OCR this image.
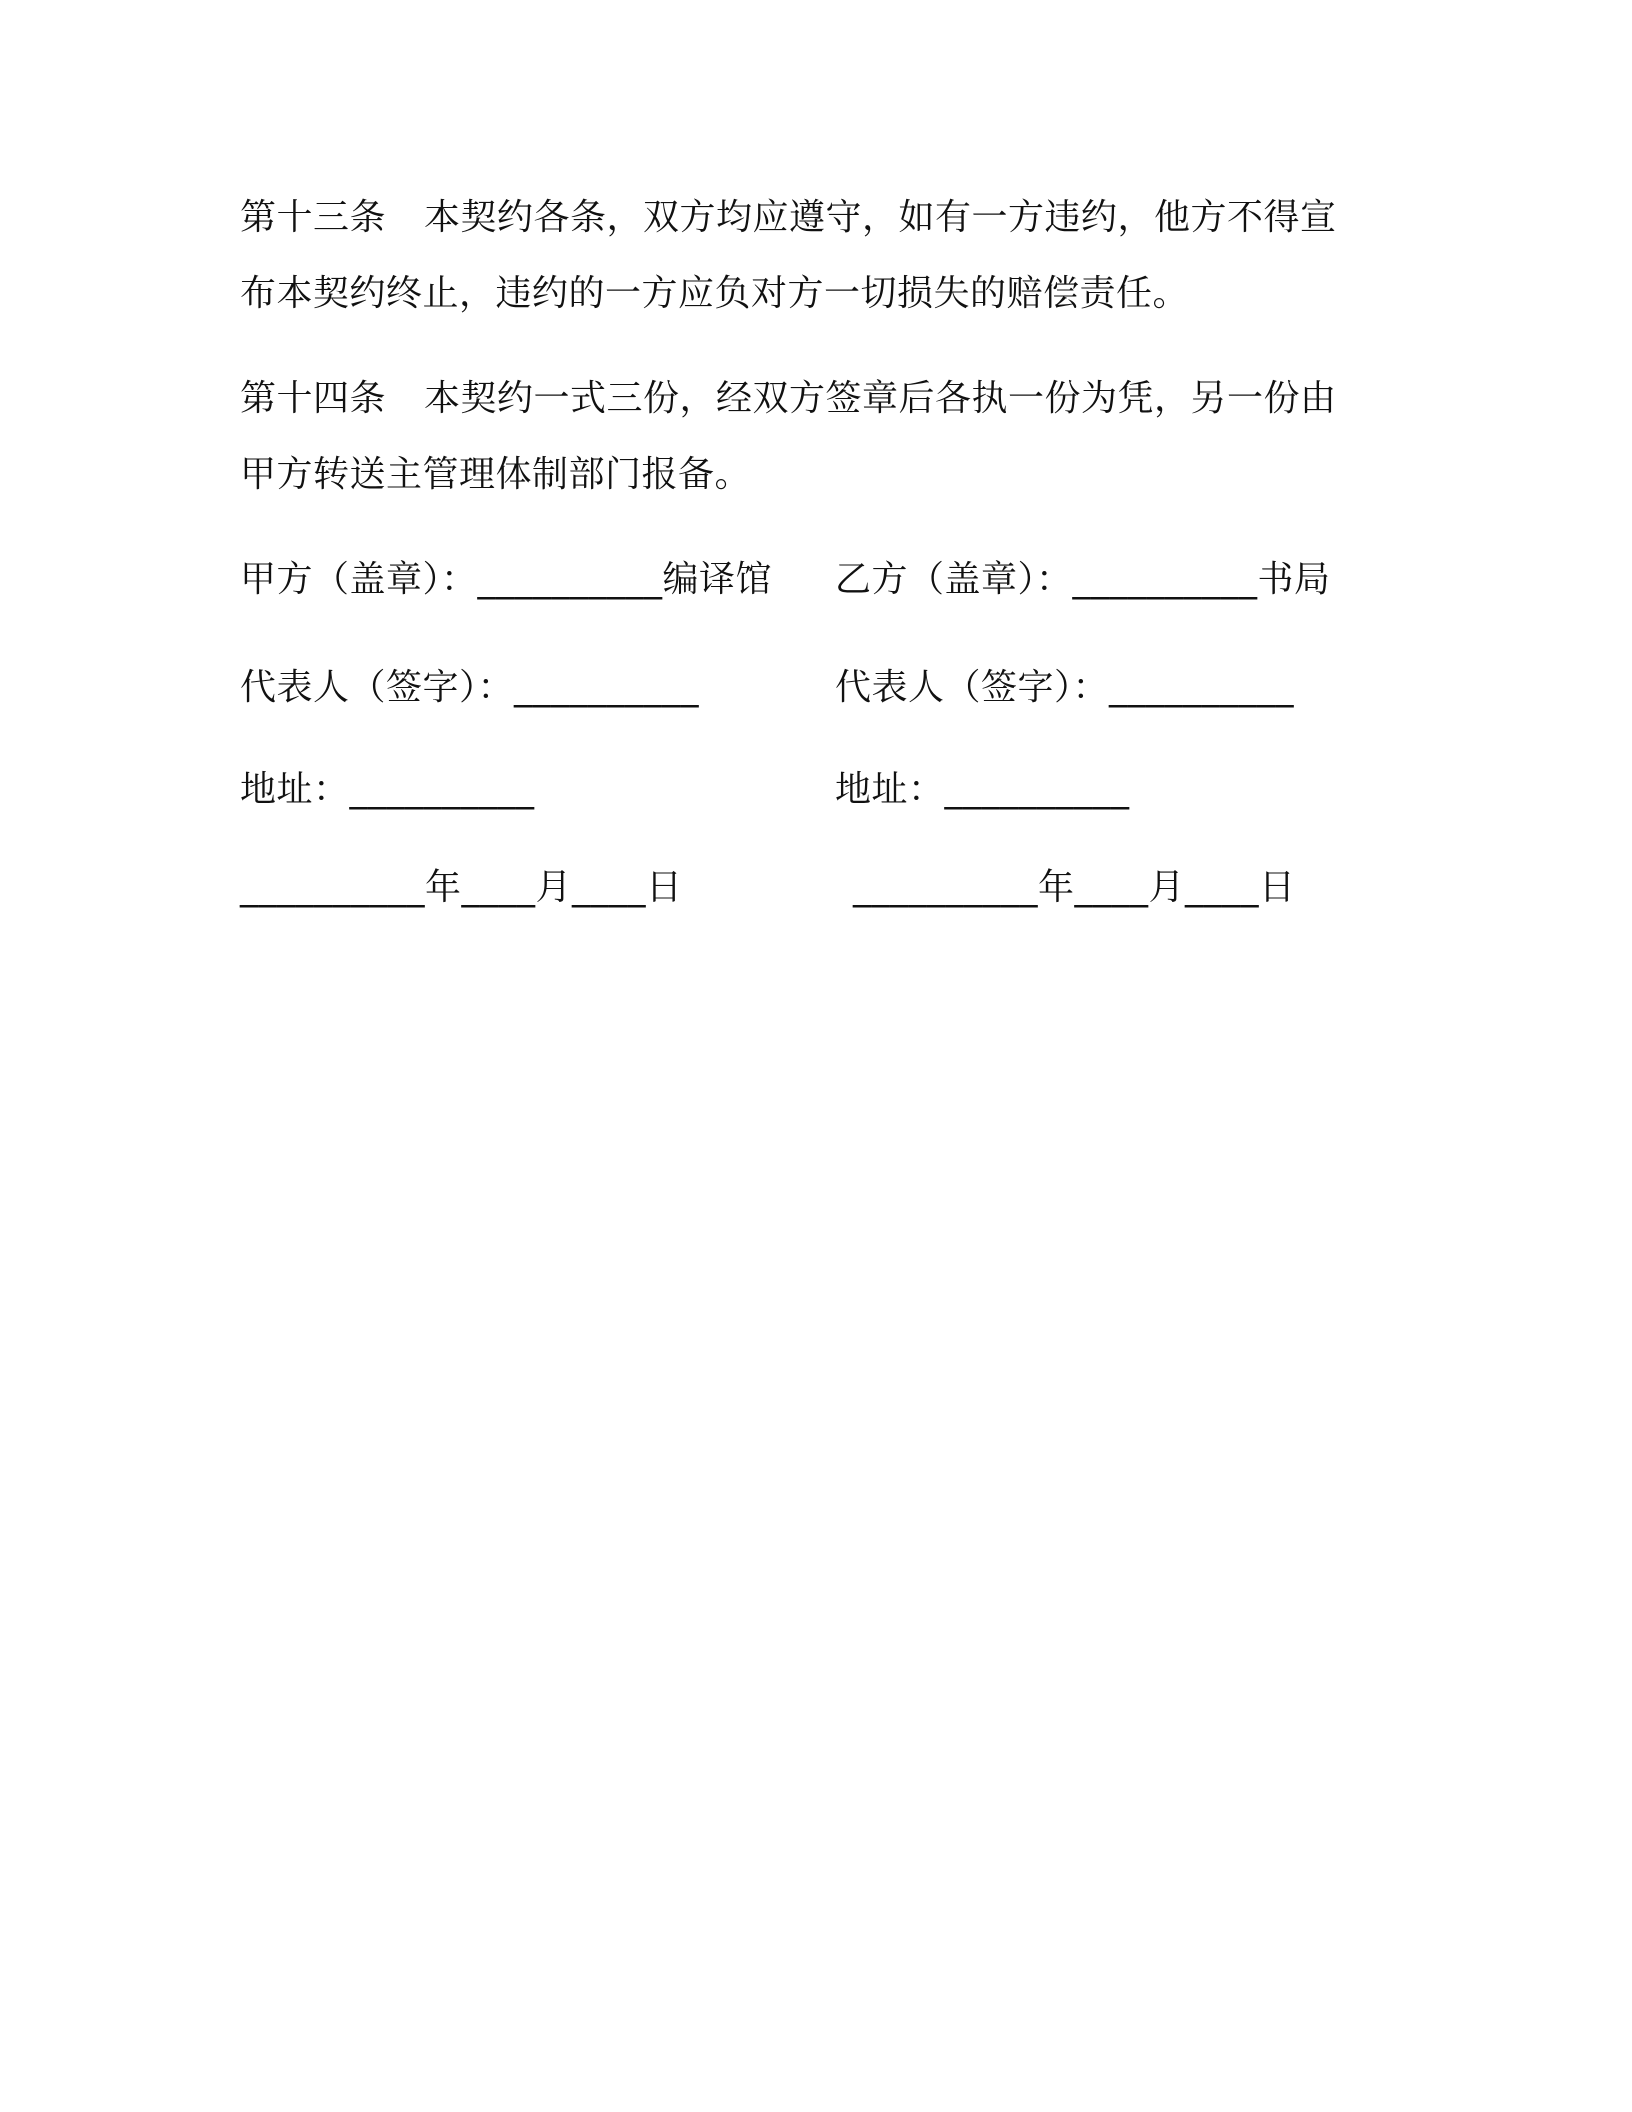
第十三条 本契约各条，双方均应遵守，如有一方违约，他方不得宣
布本契约终止，违约的一方应负对方一切损失的赔偿责任。
第十四条 本契约一式三份，经双方签章后各执一份为凭，另一份由
甲方转送主管理体制部门报备。
甲方（盖章）：__________编译馆
代表人（签字）：__________
地址：__________
__________年____月____日
乙方（盖章）：__________书局
代表人（签字）：__________
地址：__________
__________年____月____日
